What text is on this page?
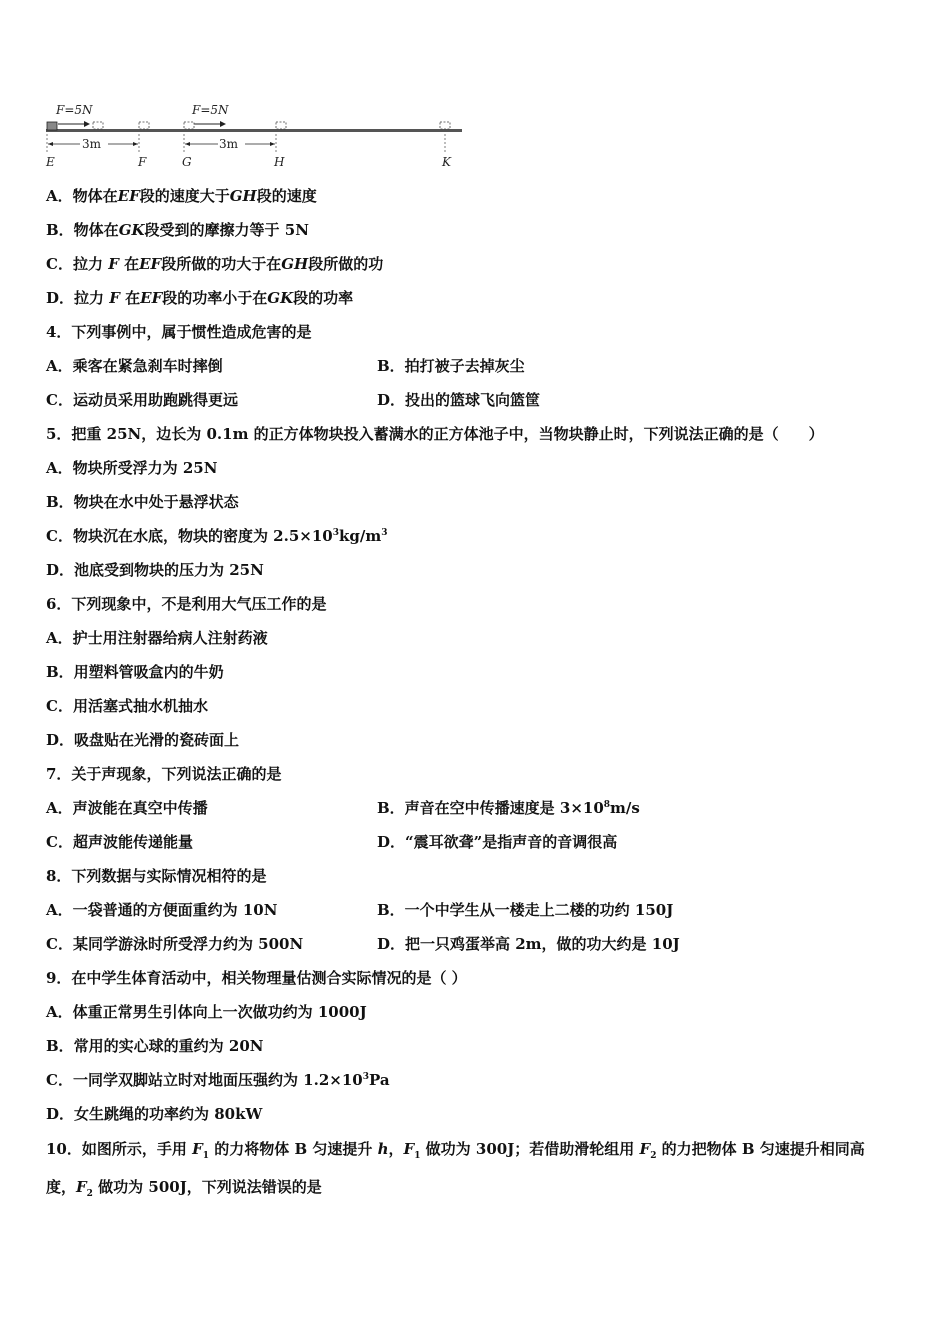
F=5N	F=5N
3m	3m
E	F	G	H	K
A．物体在EF段的速度大于GH段的速度
B．物体在GK段受到的摩擦力等于 5N
C．拉力 F 在EF段所做的功大于在GH段所做的功
D．拉力 F 在EF段的功率小于在GK段的功率
4．下列事例中，属于惯性造成危害的是
A．乘客在紧急刹车时摔倒	B．拍打被子去掉灰尘
C．运动员采用助跑跳得更远	D．投出的篮球飞向篮筐
5．把重 25N，边长为 0.1m 的正方体物块投入蓄满水的正方体池子中，当物块静止时，下列说法正确的是（　　）
A．物块所受浮力为 25N
B．物块在水中处于悬浮状态
C．物块沉在水底，物块的密度为 $2.5\times 10^3kg/m^3$
D．池底受到物块的压力为 25N
6．下列现象中，不是利用大气压工作的是
A．护士用注射器给病人注射药液
B．用塑料管吸盒内的牛奶
C．用活塞式抽水机抽水
D．吸盘贴在光滑的瓷砖面上
7．关于声现象，下列说法正确的是
A．声波能在真空中传播	B．声音在空中传播速度是 $3\times 10^8m/s$
C．超声波能传递能量	D．“震耳欲聋”是指声音的音调很高
8．下列数据与实际情况相符的是
A．一袋普通的方便面重约为 10N	B．一个中学生从一楼走上二楼的功约 150J
C．某同学游泳时所受浮力约为 500N	D．把一只鸡蛋举高 2m，做的功大约是 10J
9．在中学生体育活动中，相关物理量估测合实际情况的是（ ）
A．体重正常男生引体向上一次做功约为 1000J
B．常用的实心球的重约为 20N
C．一同学双脚站立时对地面压强约为 $1.2\times 10^3Pa$
D．女生跳绳的功率约为 80kW
10．如图所示，手用 $F_1$ 的力将物体 B 匀速提升 h，$F_1$ 做功为 300J；若借助滑轮组用 $F_2$ 的力把物体 B 匀速提升相同高
度，$F_2$ 做功为 500J，下列说法错误的是
